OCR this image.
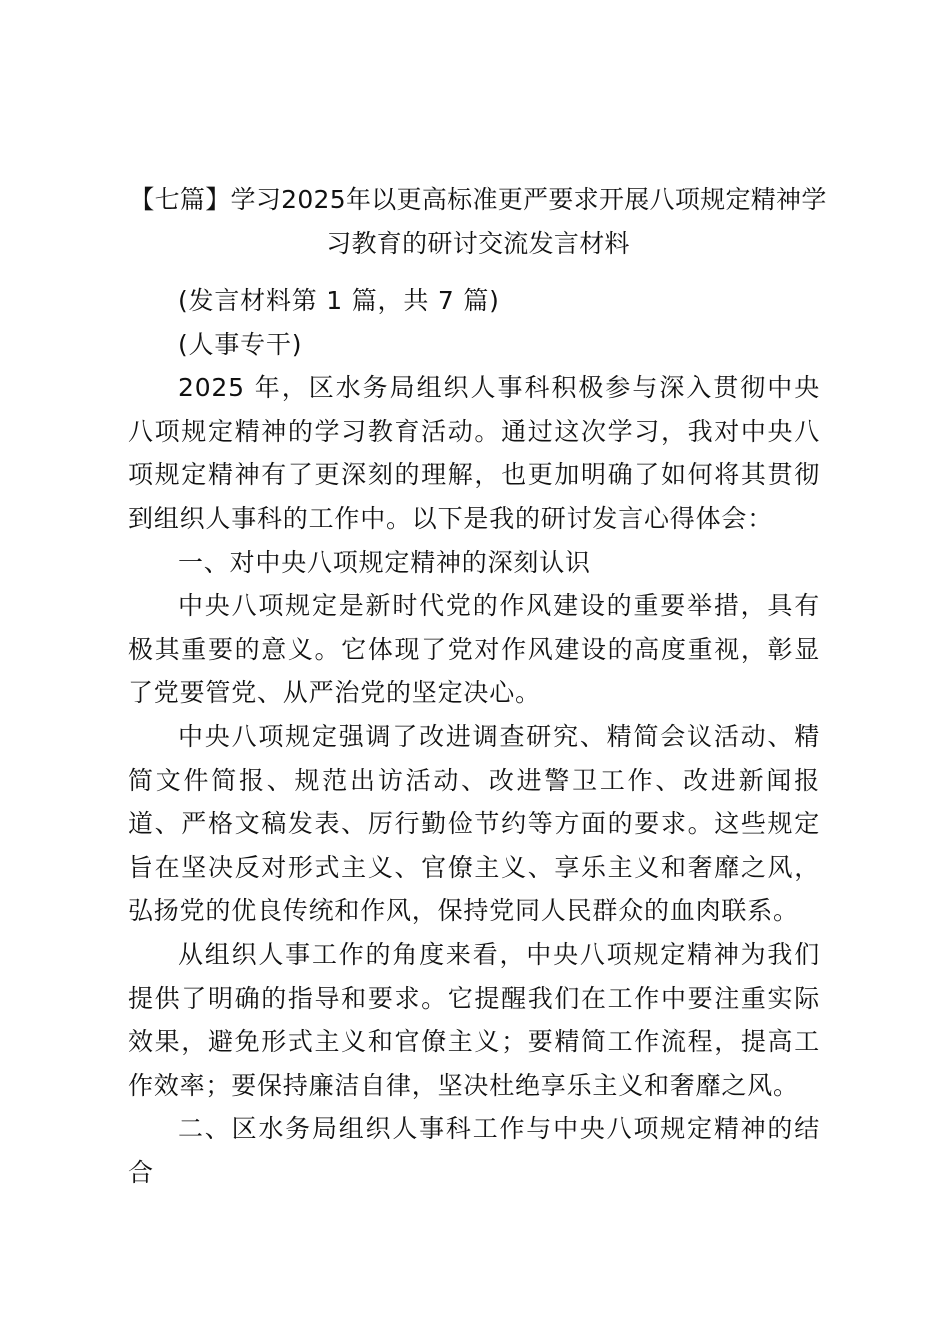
【七篇】学习2025年以更高标准更严要求开展八项规定精神学习教育的研讨交流发言材料

(发言材料第 1 篇，共 7 篇)

(人事专干)

2025 年，区水务局组织人事科积极参与深入贯彻中央八项规定精神的学习教育活动。通过这次学习，我对中央八项规定精神有了更深刻的理解，也更加明确了如何将其贯彻到组织人事科的工作中。以下是我的研讨发言心得体会：

一、对中央八项规定精神的深刻认识

中央八项规定是新时代党的作风建设的重要举措，具有极其重要的意义。它体现了党对作风建设的高度重视，彰显了党要管党、从严治党的坚定决心。

中央八项规定强调了改进调查研究、精简会议活动、精简文件简报、规范出访活动、改进警卫工作、改进新闻报道、严格文稿发表、厉行勤俭节约等方面的要求。这些规定旨在坚决反对形式主义、官僚主义、享乐主义和奢靡之风，弘扬党的优良传统和作风，保持党同人民群众的血肉联系。

从组织人事工作的角度来看，中央八项规定精神为我们提供了明确的指导和要求。它提醒我们在工作中要注重实际效果，避免形式主义和官僚主义；要精简工作流程，提高工作效率；要保持廉洁自律，坚决杜绝享乐主义和奢靡之风。

二、区水务局组织人事科工作与中央八项规定精神的结合
